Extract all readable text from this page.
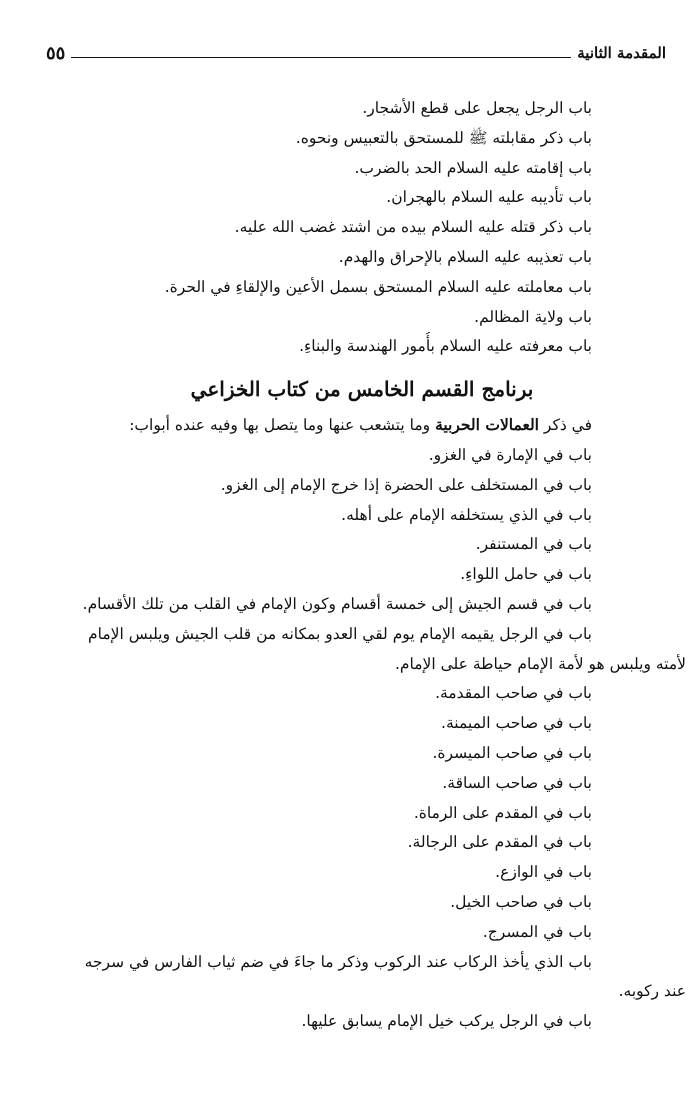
المقدمة الثانية
٥٥
باب الرجل يجعل على قطع الأشجار.
باب ذكر مقابلته ﷺ للمستحق بالتعبيس ونحوه.
باب إقامته عليه السلام الحد بالضرب.
باب تأديبه عليه السلام بالهجران.
باب ذكر قتله عليه السلام بيده من اشتد غضب الله عليه.
باب تعذيبه عليه السلام بالإحراق والهدم.
باب معاملته عليه السلام المستحق بسمل الأعين والإلقاءِ في الحرة.
باب ولاية المظالم.
باب معرفته عليه السلام بأُمور الهندسة والبناءِ.
برنامج القسم الخامس من كتاب الخزاعي
في ذكر العمالات الحربية وما يتشعب عنها وما يتصل بها وفيه عنده أبواب:
باب في الإمارة في الغزو.
باب في المستخلف على الحضرة إذا خرج الإمام إلى الغزو.
باب في الذي يستخلفه الإمام على أهله.
باب في المستنفر.
باب في حامل اللواءِ.
باب في قسم الجيش إلى خمسة أقسام وكون الإمام في القلب من تلك الأقسام.
باب في الرجل يقيمه الإمام يوم لقي العدو بمكانه من قلب الجيش ويلبس الإمام
لأمته ويلبس هو لأمة الإمام حياطة على الإمام.
باب في صاحب المقدمة.
باب في صاحب الميمنة.
باب في صاحب الميسرة.
باب في صاحب الساقة.
باب في المقدم على الرماة.
باب في المقدم على الرجالة.
باب في الوازع.
باب في صاحب الخيل.
باب في المسرج.
باب الذي يأخذ الركاب عند الركوب وذكر ما جاءَ في ضم ثياب الفارس في سرجه
عند ركوبه.
باب في الرجل يركب خيل الإمام يسابق عليها.
